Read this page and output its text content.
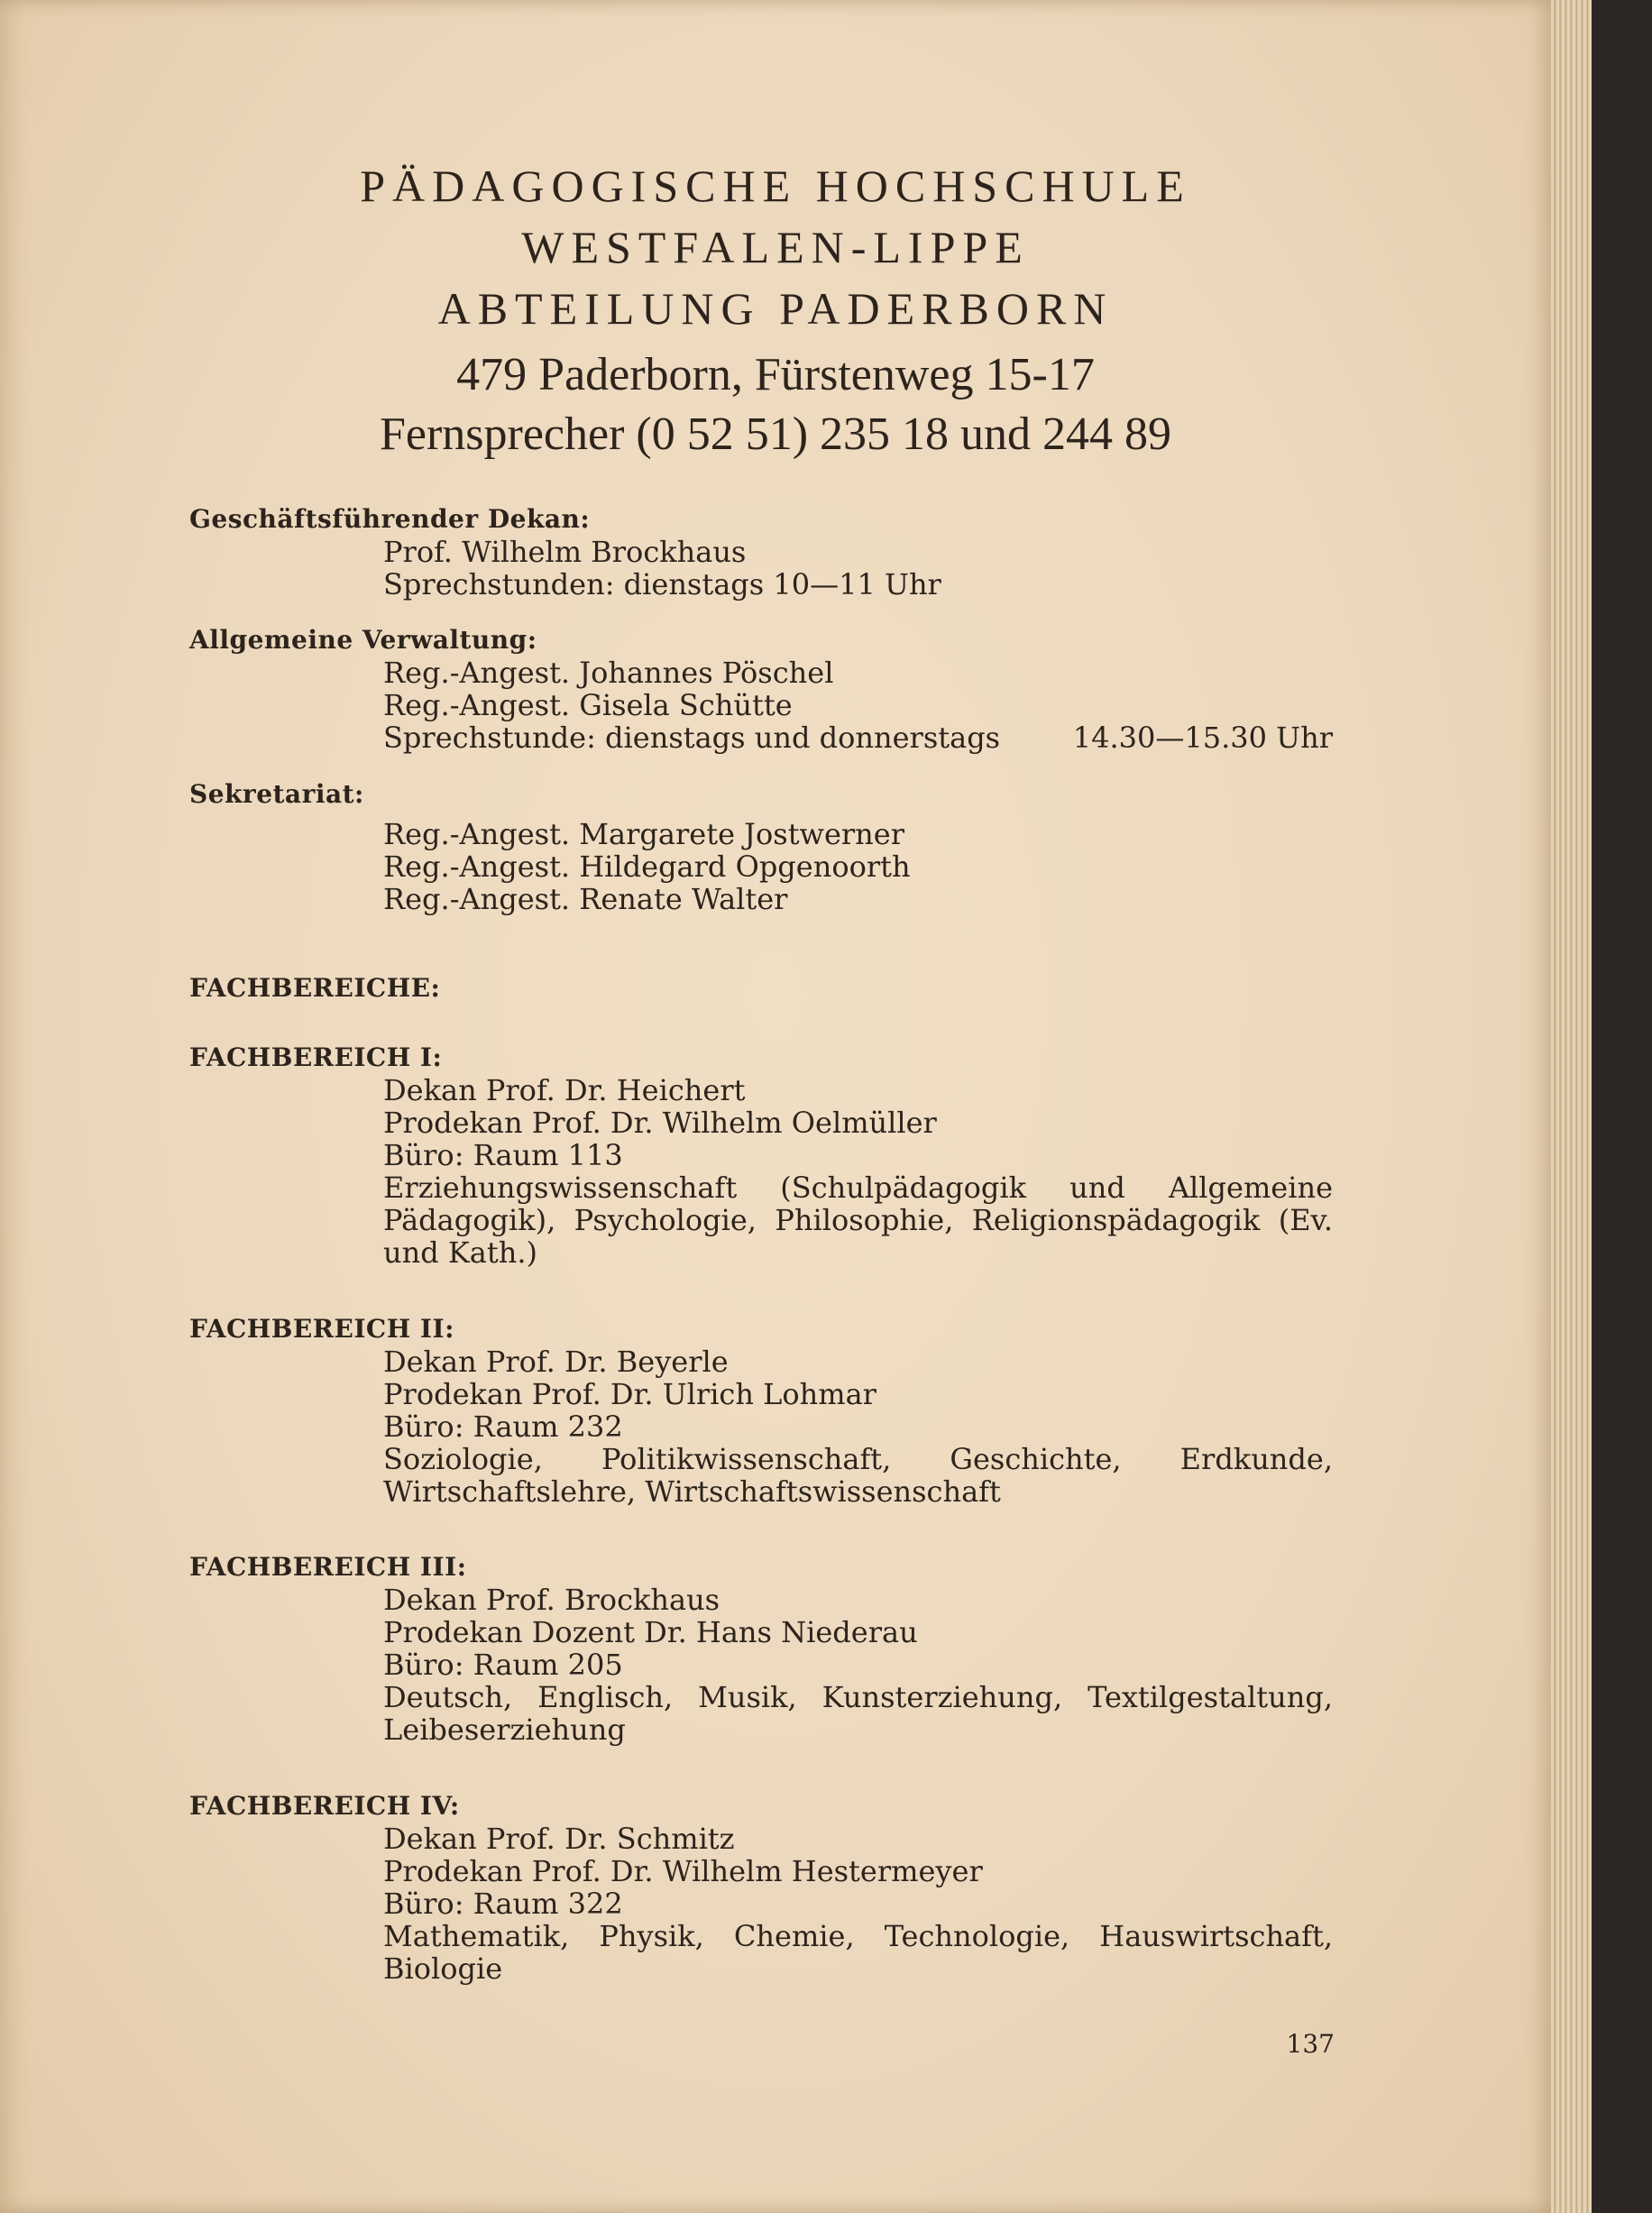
PÄDAGOGISCHE HOCHSCHULE
WESTFALEN-LIPPE
ABTEILUNG PADERBORN
479 Paderborn, Fürstenweg 15-17
Fernsprecher (0 52 51) 235 18 und 244 89
Geschäftsführender Dekan:
Prof. Wilhelm Brockhaus
Sprechstunden: dienstags 10—11 Uhr
Allgemeine Verwaltung:
Reg.-Angest. Johannes Pöschel
Reg.-Angest. Gisela Schütte
Sprechstunde: dienstags und donnerstags	14.30—15.30 Uhr
Sekretariat:
Reg.-Angest. Margarete Jostwerner
Reg.-Angest. Hildegard Opgenoorth
Reg.-Angest. Renate Walter
FACHBEREICHE:
FACHBEREICH I:
Dekan Prof. Dr. Heichert
Prodekan Prof. Dr. Wilhelm Oelmüller
Büro: Raum 113
Erziehungswissenschaft (Schulpädagogik und Allgemeine Pädagogik), Psychologie, Philosophie, Religionspädagogik (Ev. und Kath.)
FACHBEREICH II:
Dekan Prof. Dr. Beyerle
Prodekan Prof. Dr. Ulrich Lohmar
Büro: Raum 232
Soziologie, Politikwissenschaft, Geschichte, Erdkunde, Wirtschaftslehre, Wirtschaftswissenschaft
FACHBEREICH III:
Dekan Prof. Brockhaus
Prodekan Dozent Dr. Hans Niederau
Büro: Raum 205
Deutsch, Englisch, Musik, Kunsterziehung, Textilgestaltung, Leibeserziehung
FACHBEREICH IV:
Dekan Prof. Dr. Schmitz
Prodekan Prof. Dr. Wilhelm Hestermeyer
Büro: Raum 322
Mathematik, Physik, Chemie, Technologie, Hauswirtschaft, Biologie
137
